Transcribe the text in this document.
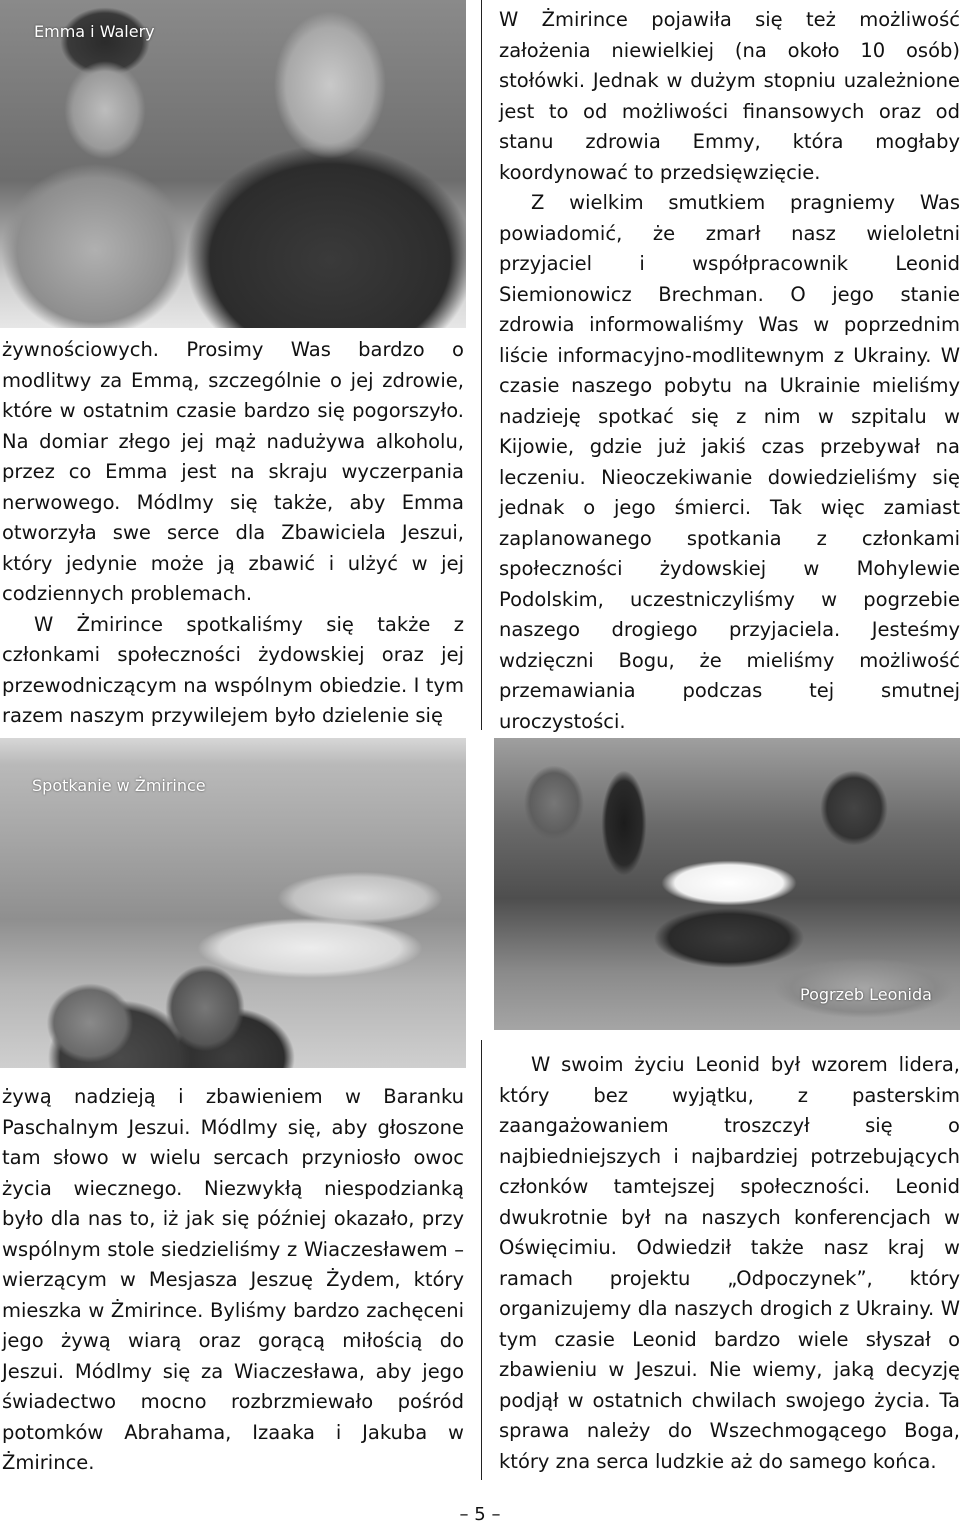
Emma i Walery

żywnościowych. Prosimy Was bardzo o modlitwy za Emmą, szczególnie o jej zdrowie, które w ostatnim czasie bardzo się pogorszyło. Na domiar złego jej mąż nadużywa alkoholu, przez co Emma jest na skraju wyczerpania nerwowego. Módlmy się także, aby Emma otworzyła swe serce dla Zbawiciela Jeszui, który jedynie może ją zbawić i ulżyć w jej codziennych problemach.

W Żmirince spotkaliśmy się także z członkami społeczności żydowskiej oraz jej przewodniczącym na wspólnym obiedzie. I tym razem naszym przywilejem było dzielenie się

W Żmirince pojawiła się też możliwość założenia niewielkiej (na około 10 osób) stołówki. Jednak w dużym stopniu uzależnione jest to od możliwości finansowych oraz od stanu zdrowia Emmy, która mogłaby koordynować to przedsięwzięcie.

Z wielkim smutkiem pragniemy Was powiadomić, że zmarł nasz wieloletni przyjaciel i współpracownik Leonid Siemionowicz Brechman. O jego stanie zdrowia informowaliśmy Was w poprzednim liście informacyjno-modlitewnym z Ukrainy. W czasie naszego pobytu na Ukrainie mieliśmy nadzieję spotkać się z nim w szpitalu w Kijowie, gdzie już jakiś czas przebywał na leczeniu. Nieoczekiwanie dowiedzieliśmy się jednak o jego śmierci. Tak więc zamiast zaplanowanego spotkania z członkami społeczności żydowskiej w Mohylewie Podolskim, uczestniczyliśmy w pogrzebie naszego drogiego przyjaciela. Jesteśmy wdzięczni Bogu, że mieliśmy możliwość przemawiania podczas tej smutnej uroczystości.

Spotkanie w Żmirince
Pogrzeb Leonida

żywą nadzieją i zbawieniem w Baranku Paschalnym Jeszui. Módlmy się, aby głoszone tam słowo w wielu sercach przyniosło owoc życia wiecznego. Niezwykłą niespodzianką było dla nas to, iż jak się później okazało, przy wspólnym stole siedzieliśmy z Wiaczesławem – wierzącym w Mesjasza Jeszuę Żydem, który mieszka w Żmirince. Byliśmy bardzo zachęceni jego żywą wiarą oraz gorącą miłością do Jeszui. Módlmy się za Wiaczesława, aby jego świadectwo mocno rozbrzmiewało pośród potomków Abrahama, Izaaka i Jakuba w Żmirince.

W swoim życiu Leonid był wzorem lidera, który bez wyjątku, z pasterskim zaangażowaniem troszczył się o najbiedniejszych i najbardziej potrzebujących członków tamtejszej społeczności. Leonid dwukrotnie był na naszych konferencjach w Oświęcimiu. Odwiedził także nasz kraj w ramach projektu „Odpoczynek”, który organizujemy dla naszych drogich z Ukrainy. W tym czasie Leonid bardzo wiele słyszał o zbawieniu w Jeszui. Nie wiemy, jaką decyzję podjął w ostatnich chwilach swojego życia. Ta sprawa należy do Wszechmogącego Boga, który zna serca ludzkie aż do samego końca.

– 5 –
